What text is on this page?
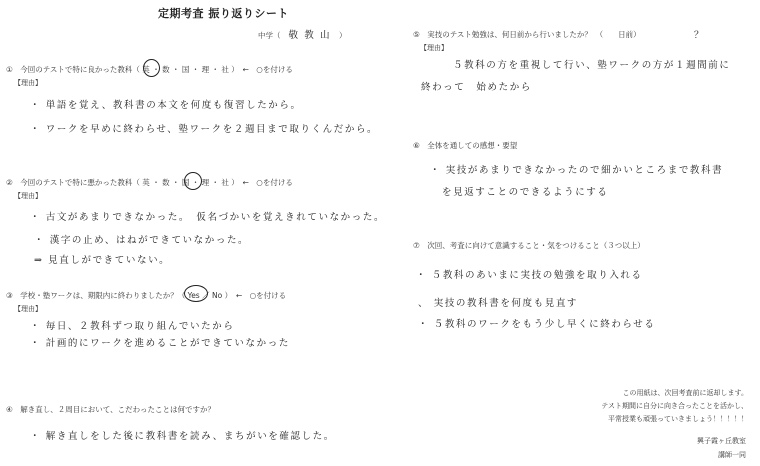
定期考査 振り返りシート
中学（ 敬 教 山 ）
①　今回のテストで特に良かった教科（ 英 ・ 数 ・ 国 ・ 理 ・ 社 ）　←　○を付ける
【理由】
・ 単語を覚え、教科書の本文を何度も復習したから。
・ ワークを早めに終わらせ、塾ワークを２週目まで取りくんだから。
②　今回のテストで特に悪かった教科（ 英 ・ 数 ・ 国 ・ 理 ・ 社 ）　←　○を付ける
【理由】
・ 古文があまりできなかった。　仮名づかいを覚えきれていなかった。
・ 漢字の止め、はねができていなかった。
⇒ 見直しができていない。
③　学校・塾ワークは、期限内に終わりましたか？（ Yes ／ No ）　←　○を付ける
【理由】
・ 毎日、２教科ずつ取り組んでいたから
・ 計画的にワークを進めることができていなかった
④　解き直し、２周目において、こだわったことは何ですか？
・ 解き直しをした後に教科書を読み、まちがいを確認した。
⑤　実技のテスト勉強は、何日前から行いましたか？　（　　日前）	？
【理由】
５教科の方を重視して行い、塾ワークの方が１週間前に
終わって　始めたから
⑥　全体を通しての感想・要望
・ 実技があまりできなかったので細かいところまで教科書
を見返すことのできるようにする
⑦　次回、考査に向けて意識すること・気をつけること（３つ以上）
・ ５教科のあいまに実技の勉強を取り入れる
、 実技の教科書を何度も見直す
・ ５教科のワークをもう少し早くに終わらせる
この用紙は、次回考査前に返却します。
テスト期間に自分に向き合ったことを活かし、
平常授業も頑張っていきましょう！！！！！
興子霞ヶ丘教室
講師一同
